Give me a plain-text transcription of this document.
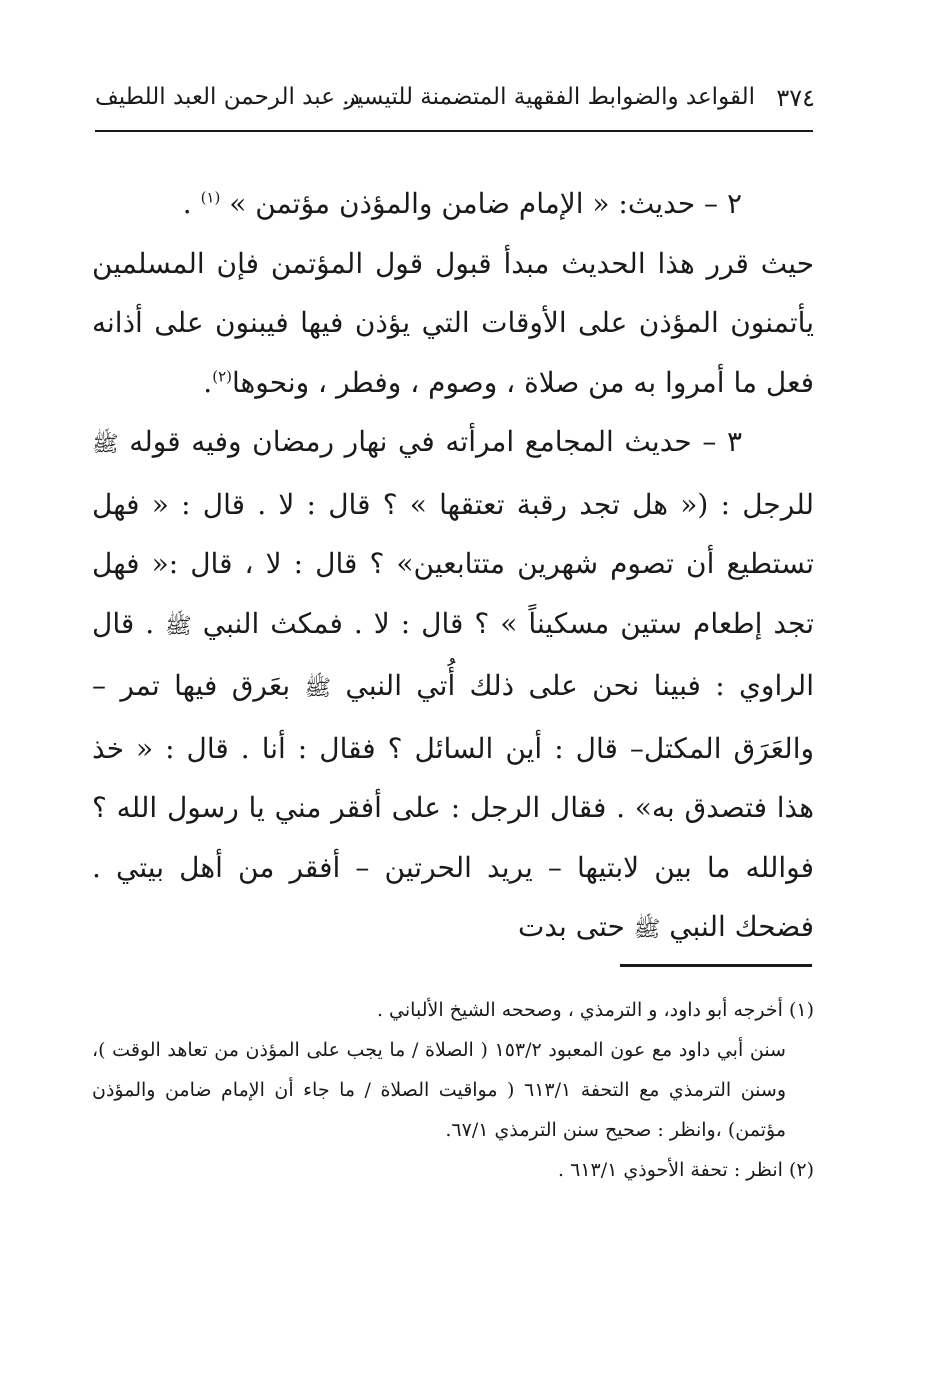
٣٧٤
القواعد والضوابط الفقهية المتضمنة للتيسير
د. عبد الرحمن العبد اللطيف

٢ – حديث: « الإمام ضامن والمؤذن مؤتمن » $^{(١)}$ .

حيث قرر هذا الحديث مبدأ قبول قول المؤتمن فإن المسلمين يأتمنون المؤذن على الأوقات التي يؤذن فيها فيبنون على أذانه فعل ما أمروا به من صلاة ، وصوم ، وفطر ، ونحوها$^{(٢)}$.

٣ – حديث المجامع امرأته في نهار رمضان وفيه قوله ﷺ للرجل : (« هل تجد رقبة تعتقها » ؟ قال : لا . قال : « فهل تستطيع أن تصوم شهرين متتابعين» ؟ قال : لا ، قال :« فهل تجد إطعام ستين مسكيناً » ؟ قال : لا . فمكث النبي ﷺ . قال الراوي : فبينا نحن على ذلك أُتي النبي ﷺ بعَرق فيها تمر –والعَرَق المكتل– قال : أين السائل ؟ فقال : أنا . قال : « خذ هذا فتصدق به» . فقال الرجل : على أفقر مني يا رسول الله ؟ فوالله ما بين لابتيها – يريد الحرتين – أفقر من أهل بيتي . فضحك النبي ﷺ حتى بدت

(١) أخرجه أبو داود، و الترمذي ، وصححه الشيخ الألباني .

سنن أبي داود مع عون المعبود ١٥٣/٢ ( الصلاة / ما يجب على المؤذن من تعاهد الوقت )، وسنن الترمذي مع التحفة ٦١٣/١ ( مواقيت الصلاة / ما جاء أن الإمام ضامن والمؤذن مؤتمن) ،وانظر : صحيح سنن الترمذي ٦٧/١.

(٢) انظر : تحفة الأحوذي ٦١٣/١ .
